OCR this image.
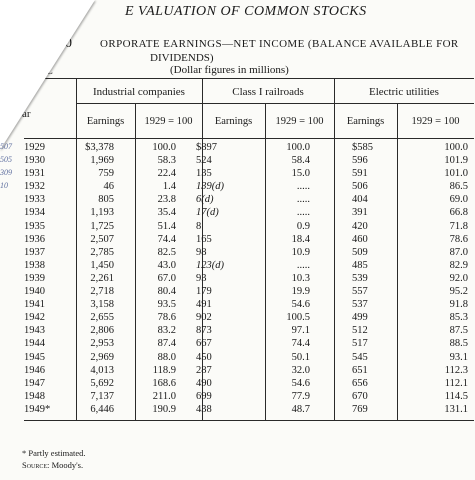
507
505
309
10
E VALUATION OF COMMON STOCKS
510	ORPORATE EARNINGS—NET INCOME (BALANCE AVAILABLE FOR
DIVIDENDS)
(Dollar figures in millions)
TABL
ar
Industrial companies	Class I railroads	Electric utilities
Earnings	1929 = 100	Earnings	1929 = 100	Earnings	1929 = 100
1929	$3,378	100.0	$897	100.0	$585	100.0
1930	1,969	58.3	524	58.4	596	101.9
1931	759	22.4	135	15.0	591	101.0
1932	46	1.4	139(d)	.....	506	86.5
1933	805	23.8	6(d)	.....	404	69.0
1934	1,193	35.4	17(d)	.....	391	66.8
1935	1,725	51.4	8	0.9	420	71.8
1936	2,507	74.4	165	18.4	460	78.6
1937	2,785	82.5	98	10.9	509	87.0
1938	1,450	43.0	123(d)	.....	485	82.9
1939	2,261	67.0	93	10.3	539	92.0
1940	2,718	80.4	179	19.9	557	95.2
1941	3,158	93.5	491	54.6	537	91.8
1942	2,655	78.6	902	100.5	499	85.3
1943	2,806	83.2	873	97.1	512	87.5
1944	2,953	87.4	667	74.4	517	88.5
1945	2,969	88.0	450	50.1	545	93.1
1946	4,013	118.9	287	32.0	651	112.3
1947	5,692	168.6	490	54.6	656	112.1
1948	7,137	211.0	699	77.9	670	114.5
1949*	6,446	190.9	438	48.7	769	131.1
* Partly estimated.
Source: Moody's.
